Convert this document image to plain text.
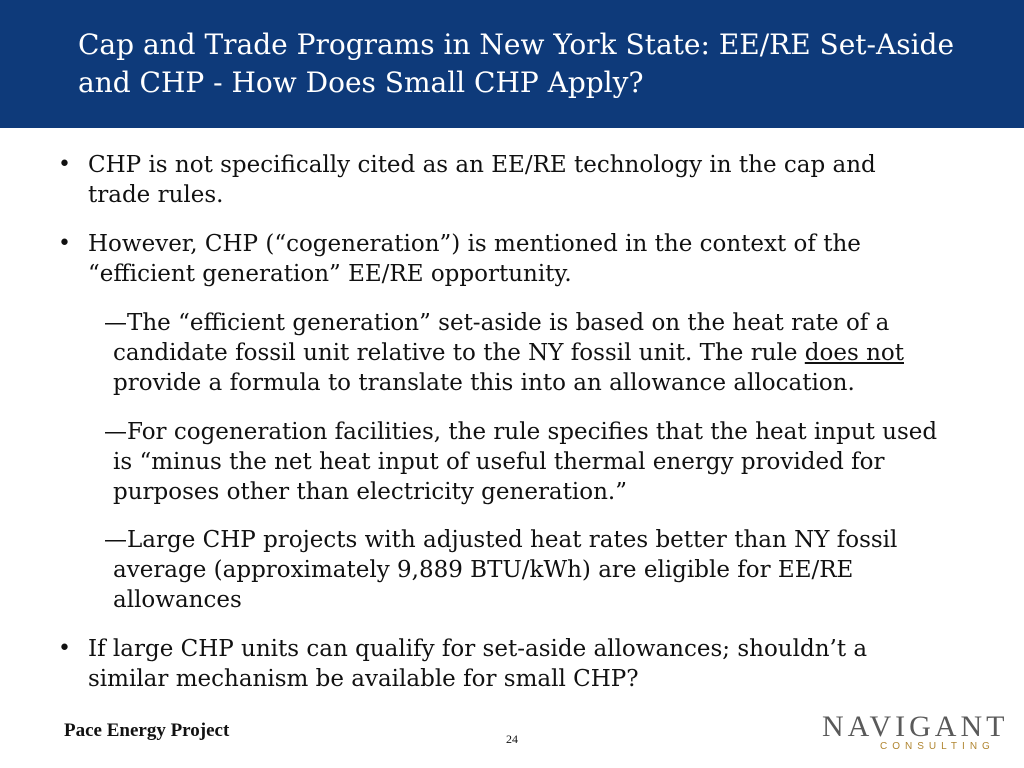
Cap and Trade Programs in New York State: EE/RE Set-Aside
and CHP - How Does Small CHP Apply?
• CHP is not specifically cited as an EE/RE technology in the cap and
trade rules.
• However, CHP (“cogeneration”) is mentioned in the context of the
“efficient generation” EE/RE opportunity.
—The “efficient generation” set-aside is based on the heat rate of a
candidate fossil unit relative to the NY fossil unit. The rule does not
provide a formula to translate this into an allowance allocation.
—For cogeneration facilities, the rule specifies that the heat input used
is “minus the net heat input of useful thermal energy provided for
purposes other than electricity generation.”
—Large CHP projects with adjusted heat rates better than NY fossil
average (approximately 9,889 BTU/kWh) are eligible for EE/RE
allowances
• If large CHP units can qualify for set-aside allowances; shouldn’t a
similar mechanism be available for small CHP?
Pace Energy Project	24	NAVIGANT
CONSULTING
